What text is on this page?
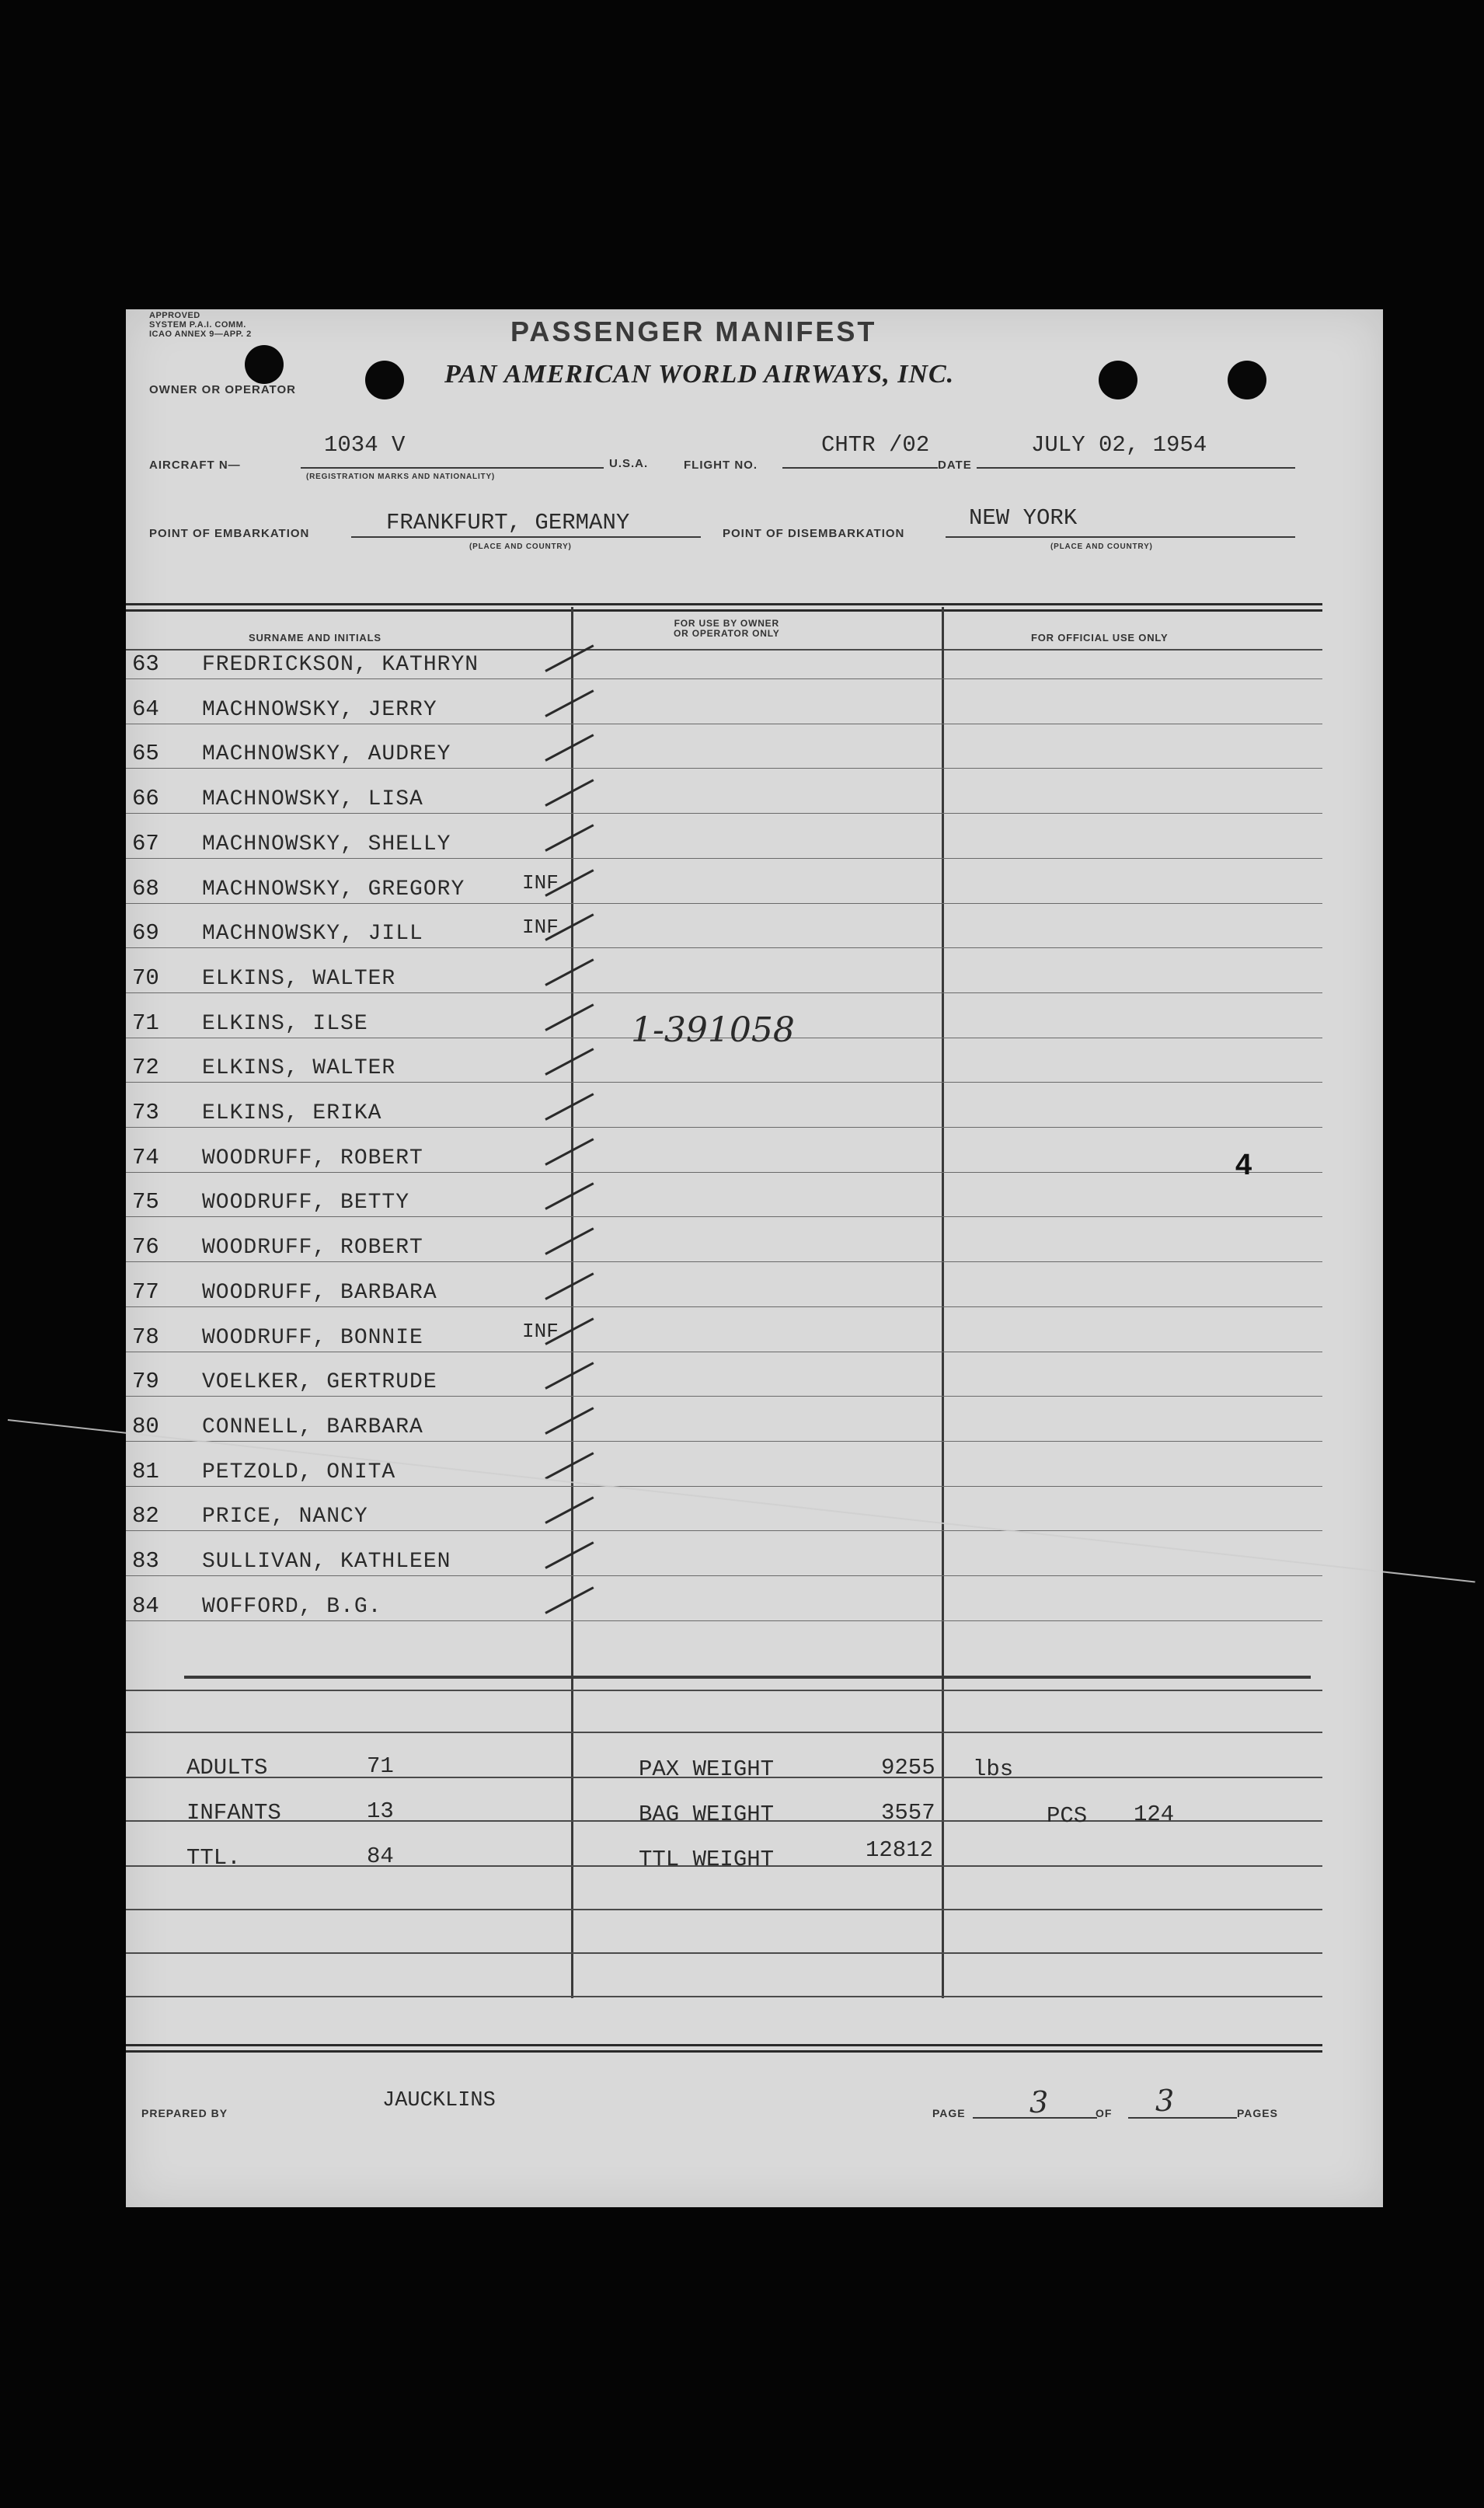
APPROVED
SYSTEM P.A.I. COMM.
ICAO ANNEX 9—APP. 2	PASSENGER MANIFEST
OWNER OR OPERATOR
PAN AMERICAN WORLD AIRWAYS, INC.
AIRCRAFT N—
1034 V
(REGISTRATION MARKS AND NATIONALITY)
U.S.A.	FLIGHT NO.
CHTR /02
DATE
JULY 02, 1954
POINT OF EMBARKATION	FRANKFURT, GERMANY
(PLACE AND COUNTRY)
POINT OF DISEMBARKATION
NEW YORK
(PLACE AND COUNTRY)
SURNAME AND INITIALS
FOR USE BY OWNER
OR OPERATOR ONLY	FOR OFFICIAL USE ONLY
63 FREDRICKSON, KATHRYN
64 MACHNOWSKY, JERRY
65 MACHNOWSKY, AUDREY
66 MACHNOWSKY, LISA
67 MACHNOWSKY, SHELLY
68 MACHNOWSKY, GREGORY	INF
69 MACHNOWSKY, JILL	INF
70 ELKINS, WALTER
71 ELKINS, ILSE
72 ELKINS, WALTER
73 ELKINS, ERIKA
74 WOODRUFF, ROBERT
75 WOODRUFF, BETTY
76 WOODRUFF, ROBERT
77 WOODRUFF, BARBARA
78 WOODRUFF, BONNIE	INF
79 VOELKER, GERTRUDE
80 CONNELL, BARBARA
81 PETZOLD, ONITA
82 PRICE, NANCY
83 SULLIVAN, KATHLEEN
84 WOFFORD, B.G.
1-391058
4
ADULTS	71
INFANTS	13
TTL.	84
PAX WEIGHT	9255 lbs
BAG WEIGHT	3557	PCS 124
TTL WEIGHT	12812
PREPARED BY
JAUCKLINS
PAGE 3	OF 3	PAGES
